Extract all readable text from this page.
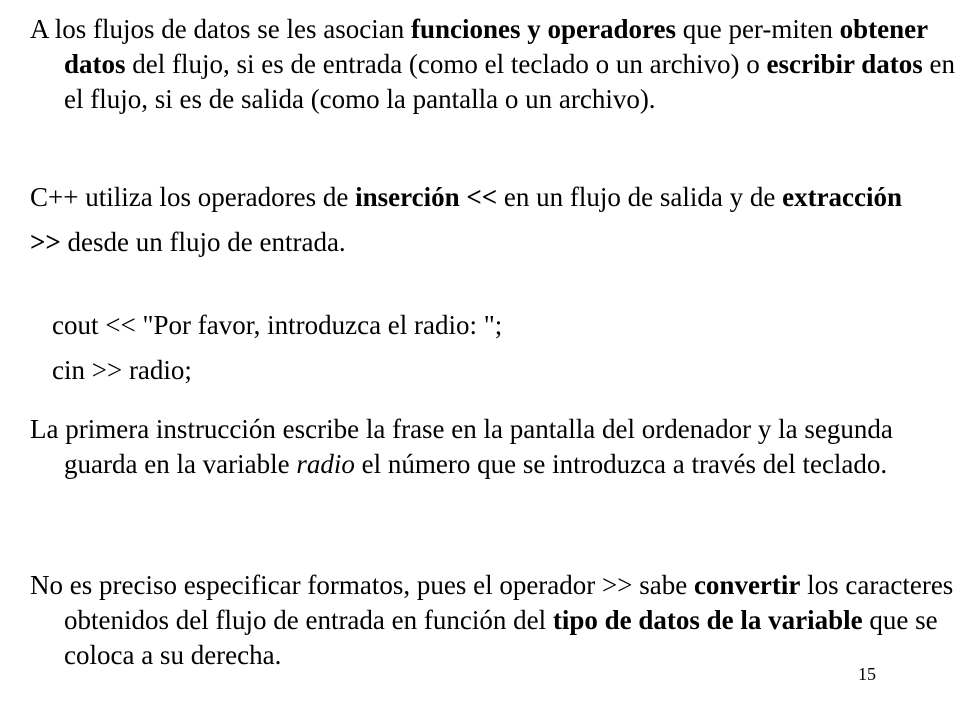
A los flujos de datos se les asocian funciones y operadores que per-miten obtener datos del flujo, si es de entrada (como el teclado o un archivo) o escribir datos en el flujo, si es de salida (como la pantalla o un archivo).

C++ utiliza los operadores de inserción << en un flujo de salida y de extracción >> desde un flujo de entrada.

cout << "Por favor, introduzca el radio: ";
cin >> radio;

La primera instrucción escribe la frase en la pantalla del ordenador y la segunda guarda en la variable radio el número que se introduzca a través del teclado.

No es preciso especificar formatos, pues el operador >> sabe convertir los caracteres obtenidos del flujo de entrada en función del tipo de datos de la variable que se coloca a su derecha.

15
